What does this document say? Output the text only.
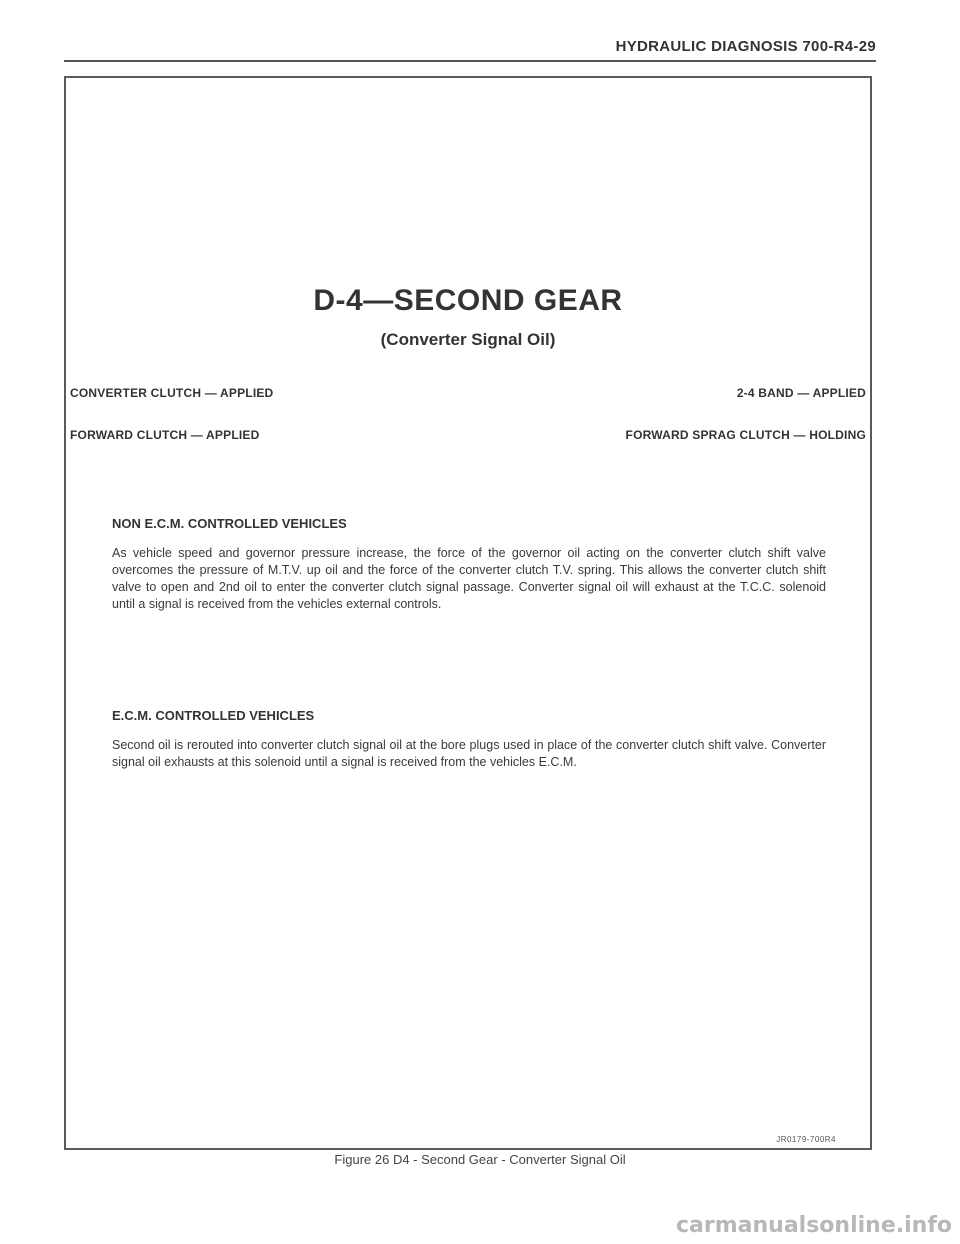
HYDRAULIC DIAGNOSIS 700-R4-29
D-4—SECOND GEAR
(Converter Signal Oil)
CONVERTER CLUTCH — APPLIED	2-4 BAND — APPLIED
FORWARD CLUTCH — APPLIED	FORWARD SPRAG CLUTCH — HOLDING

NON E.C.M. CONTROLLED VEHICLES

As vehicle speed and governor pressure increase, the force of the governor oil acting on the converter clutch shift valve overcomes the pressure of M.T.V. up oil and the force of the converter clutch T.V. spring. This allows the converter clutch shift valve to open and 2nd oil to enter the converter clutch signal passage. Converter signal oil will exhaust at the T.C.C. solenoid until a signal is received from the vehicles external controls.

E.C.M. CONTROLLED VEHICLES

Second oil is rerouted into converter clutch signal oil at the bore plugs used in place of the converter clutch shift valve. Converter signal oil exhausts at this solenoid until a signal is received from the vehicles E.C.M.

JR0179-700R4
Figure 26 D4 - Second Gear - Converter Signal Oil
carmanualsonline.info
